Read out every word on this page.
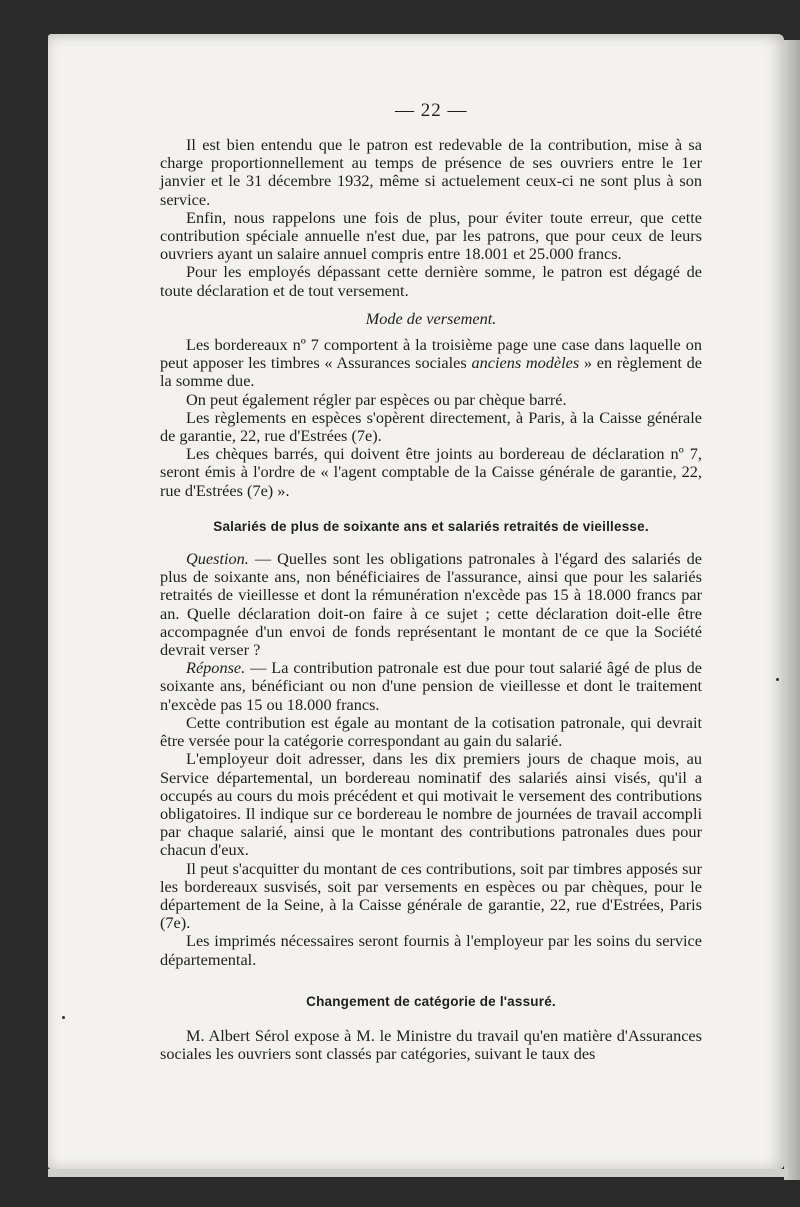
— 22 —

Il est bien entendu que le patron est redevable de la contribution, mise à sa charge proportionnellement au temps de présence de ses ouvriers entre le 1er janvier et le 31 décembre 1932, même si actuelement ceux-ci ne sont plus à son service.

Enfin, nous rappelons une fois de plus, pour éviter toute erreur, que cette contribution spéciale annuelle n'est due, par les patrons, que pour ceux de leurs ouvriers ayant un salaire annuel compris entre 18.001 et 25.000 francs.

Pour les employés dépassant cette dernière somme, le patron est dégagé de toute déclaration et de tout versement.

Mode de versement.

Les bordereaux nº 7 comportent à la troisième page une case dans laquelle on peut apposer les timbres « Assurances sociales anciens modèles » en règlement de la somme due.

On peut également régler par espèces ou par chèque barré.

Les règlements en espèces s'opèrent directement, à Paris, à la Caisse générale de garantie, 22, rue d'Estrées (7e).

Les chèques barrés, qui doivent être joints au bordereau de déclaration nº 7, seront émis à l'ordre de « l'agent comptable de la Caisse générale de garantie, 22, rue d'Estrées (7e) ».

Salariés de plus de soixante ans et salariés retraités de vieillesse.

Question. — Quelles sont les obligations patronales à l'égard des salariés de plus de soixante ans, non bénéficiaires de l'assurance, ainsi que pour les salariés retraités de vieillesse et dont la rémunération n'excède pas 15 à 18.000 francs par an. Quelle déclaration doit-on faire à ce sujet ; cette déclaration doit-elle être accompagnée d'un envoi de fonds représentant le montant de ce que la Société devrait verser ?

Réponse. — La contribution patronale est due pour tout salarié âgé de plus de soixante ans, bénéficiant ou non d'une pension de vieillesse et dont le traitement n'excède pas 15 ou 18.000 francs.

Cette contribution est égale au montant de la cotisation patronale, qui devrait être versée pour la catégorie correspondant au gain du salarié.

L'employeur doit adresser, dans les dix premiers jours de chaque mois, au Service départemental, un bordereau nominatif des salariés ainsi visés, qu'il a occupés au cours du mois précédent et qui motivait le versement des contributions obligatoires. Il indique sur ce bordereau le nombre de journées de travail accompli par chaque salarié, ainsi que le montant des contributions patronales dues pour chacun d'eux.

Il peut s'acquitter du montant de ces contributions, soit par timbres apposés sur les bordereaux susvisés, soit par versements en espèces ou par chèques, pour le département de la Seine, à la Caisse générale de garantie, 22, rue d'Estrées, Paris (7e).

Les imprimés nécessaires seront fournis à l'employeur par les soins du service départemental.

Changement de catégorie de l'assuré.

M. Albert Sérol expose à M. le Ministre du travail qu'en matière d'Assurances sociales les ouvriers sont classés par catégories, suivant le taux des
